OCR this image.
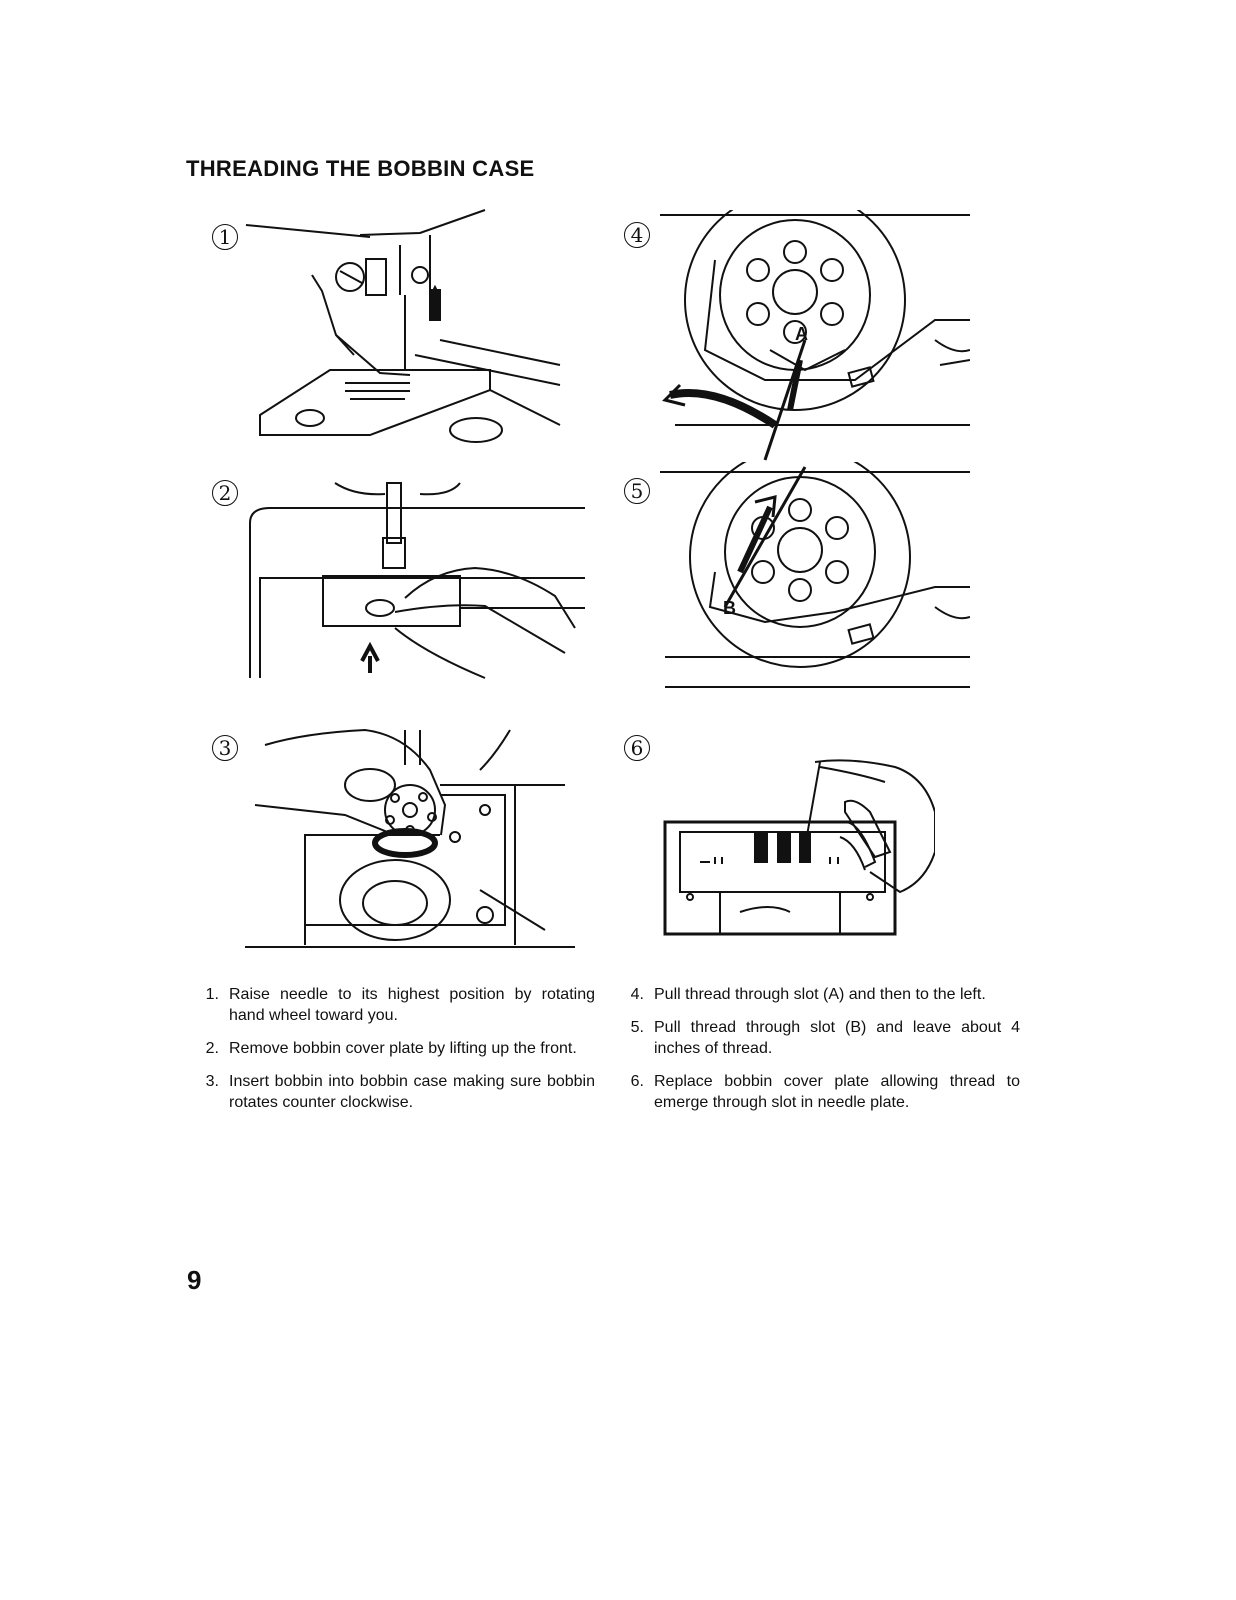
THREADING THE BOBBIN CASE
1
2
3
4
5
6
A
B
1. Raise needle to its highest position by rotating hand wheel toward you.
2. Remove bobbin cover plate by lifting up the front.
3. Insert bobbin into bobbin case making sure bobbin rotates counter clockwise.
4. Pull thread through slot (A) and then to the left.
5. Pull thread through slot (B) and leave about 4 inches of thread.
6. Replace bobbin cover plate allowing thread to emerge through slot in needle plate.
9
